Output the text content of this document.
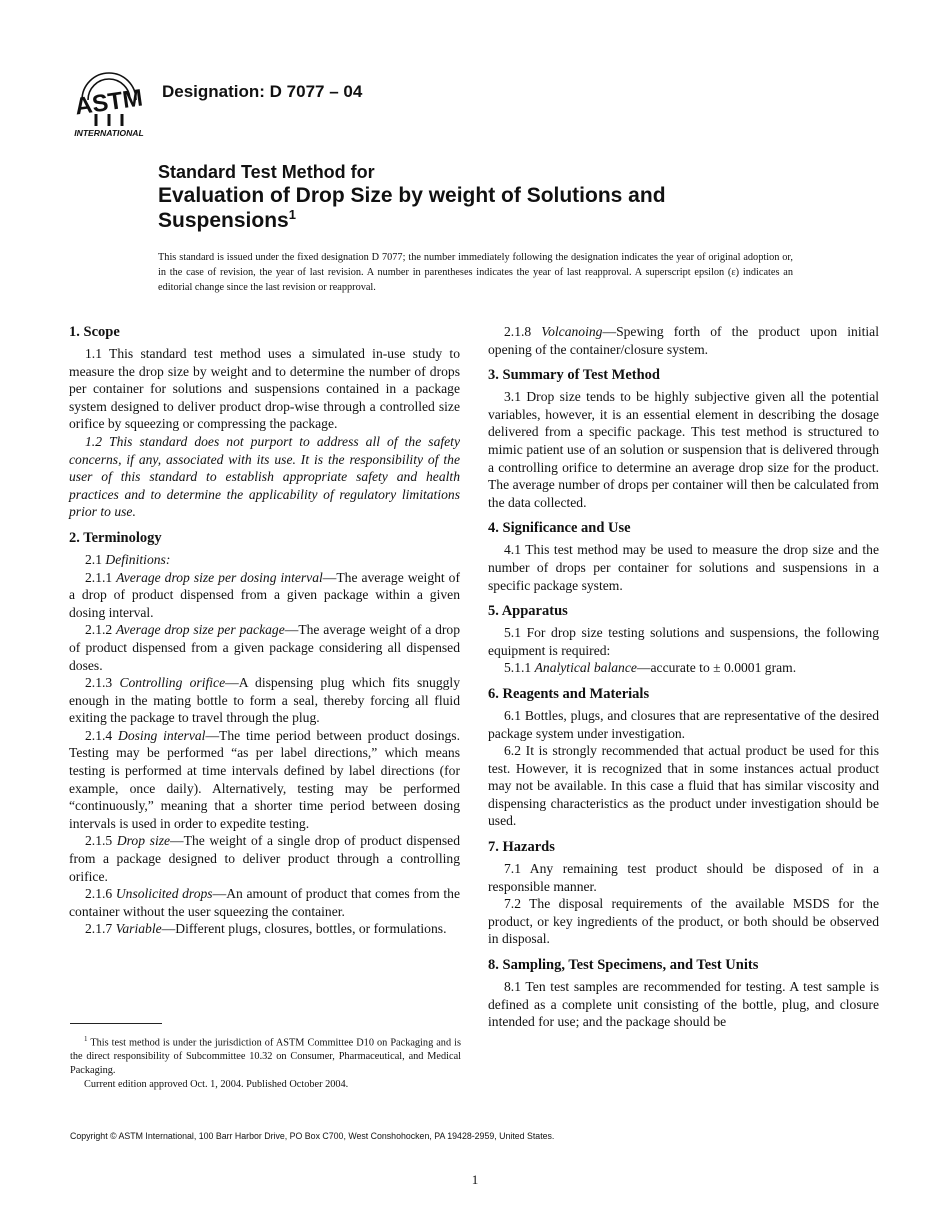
ASTM
INTERNATIONAL
Designation: D 7077 – 04
Standard Test Method for
Evaluation of Drop Size by weight of Solutions and
Suspensions$^1$
This standard is issued under the fixed designation D 7077; the number immediately following the designation indicates the year of original adoption or, in the case of revision, the year of last revision. A number in parentheses indicates the year of last reapproval. A superscript epsilon (ε) indicates an editorial change since the last revision or reapproval.
1. Scope

1.1 This standard test method uses a simulated in-use study to measure the drop size by weight and to determine the number of drops per container for solutions and suspensions contained in a package system designed to deliver product drop-wise through a controlled size orifice by squeezing or compressing the package.

1.2 This standard does not purport to address all of the safety concerns, if any, associated with its use. It is the responsibility of the user of this standard to establish appropriate safety and health practices and to determine the applicability of regulatory limitations prior to use.

2. Terminology

2.1 Definitions:

2.1.1 Average drop size per dosing interval—The average weight of a drop of product dispensed from a given package within a given dosing interval.

2.1.2 Average drop size per package—The average weight of a drop of product dispensed from a given package considering all dispensed doses.

2.1.3 Controlling orifice—A dispensing plug which fits snuggly enough in the mating bottle to form a seal, thereby forcing all fluid exiting the package to travel through the plug.

2.1.4 Dosing interval—The time period between product dosings. Testing may be performed “as per label directions,” which means testing is performed at time intervals defined by label directions (for example, once daily). Alternatively, testing may be performed “continuously,” meaning that a shorter time period between dosing intervals is used in order to expedite testing.

2.1.5 Drop size—The weight of a single drop of product dispensed from a package designed to deliver product through a controlling orifice.

2.1.6 Unsolicited drops—An amount of product that comes from the container without the user squeezing the container.

2.1.7 Variable—Different plugs, closures, bottles, or formulations.

2.1.8 Volcanoing—Spewing forth of the product upon initial opening of the container/closure system.

3. Summary of Test Method

3.1 Drop size tends to be highly subjective given all the potential variables, however, it is an essential element in describing the dosage delivered from a specific package. This test method is structured to mimic patient use of an solution or suspension that is delivered through a controlling orifice to determine an average drop size for the product. The average number of drops per container will then be calculated from the data collected.

4. Significance and Use

4.1 This test method may be used to measure the drop size and the number of drops per container for solutions and suspensions in a specific package system.

5. Apparatus

5.1 For drop size testing solutions and suspensions, the following equipment is required:

5.1.1 Analytical balance—accurate to ± 0.0001 gram.

6. Reagents and Materials

6.1 Bottles, plugs, and closures that are representative of the desired package system under investigation.

6.2 It is strongly recommended that actual product be used for this test. However, it is recognized that in some instances actual product may not be available. In this case a fluid that has similar viscosity and dispensing characteristics as the product under investigation should be used.

7. Hazards

7.1 Any remaining test product should be disposed of in a responsible manner.

7.2 The disposal requirements of the available MSDS for the product, or key ingredients of the product, or both should be observed in disposal.

8. Sampling, Test Specimens, and Test Units

8.1 Ten test samples are recommended for testing. A test sample is defined as a complete unit consisting of the bottle, plug, and closure intended for use; and the package should be

$^1$ This test method is under the jurisdiction of ASTM Committee D10 on Packaging and is the direct responsibility of Subcommittee 10.32 on Consumer, Pharmaceutical, and Medical Packaging.

Current edition approved Oct. 1, 2004. Published October 2004.

Copyright © ASTM International, 100 Barr Harbor Drive, PO Box C700, West Conshohocken, PA 19428-2959, United States.
1
